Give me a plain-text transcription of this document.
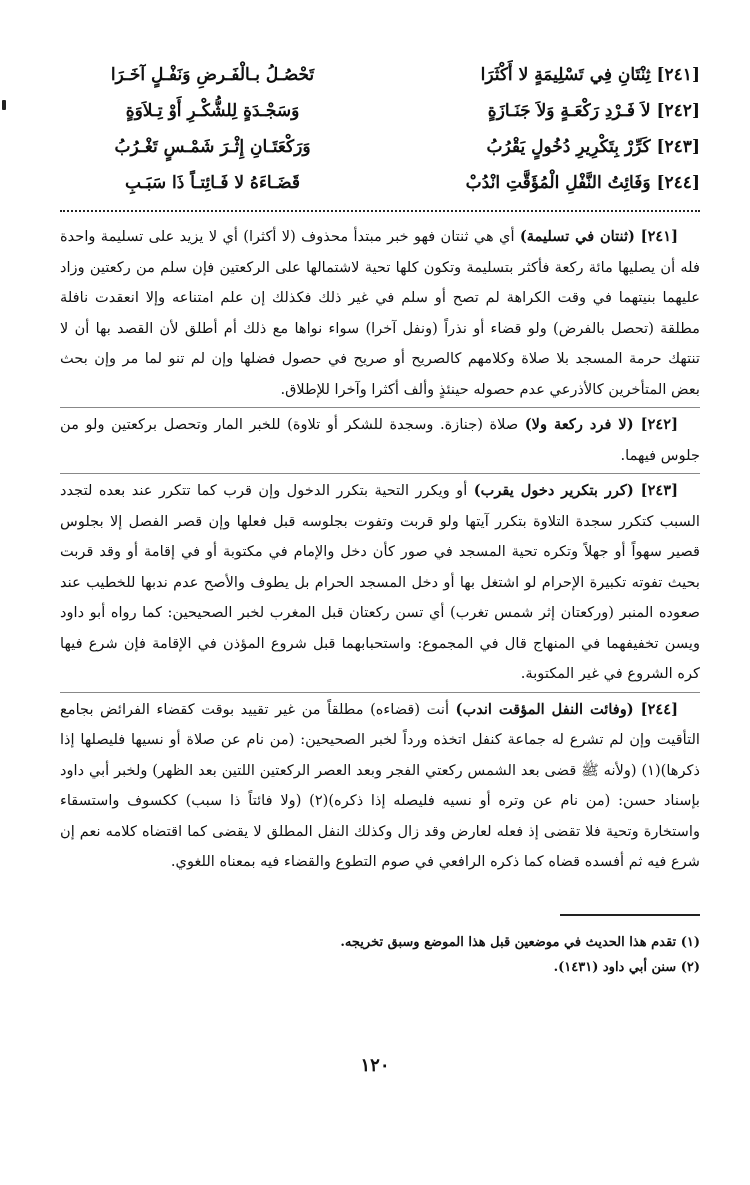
[٢٤١] ثِنْتَانِ فِي تَسْلِيمَةٍ لا أَكْثَرَا
تَحْصُـلُ بـالْفَـرضِ وَنَفْـلٍ آخَـرَا
[٢٤٢] لاَ فَـرْدِ رَكْعَـةٍ وَلاَ جَنَـازَةٍ
وَسَجْـدَةٍ لِلشُّكْـرِ أَوْ تِـلاَوَةٍ
[٢٤٣] كَرِّرْ بِتَكْرِيرِ دُخُولٍ يَقْرُبُ
وَرَكْعَتَـانِ إِثْـرَ شَمْـسٍ تَغْـرُبُ
[٢٤٤] وَفَائِتُ النَّفْلِ الْمُؤَقَّتِ انْدُبْ
قَضَـاءَهُ لا فَـائِتـاً ذَا سَبَـبِ

[٢٤١] (ثنتان في تسليمة) أي هي ثنتان فهو خبر مبتدأ محذوف (لا أكثرا) أي لا يزيد على تسليمة واحدة فله أن يصليها مائة ركعة فأكثر بتسليمة وتكون كلها تحية لاشتمالها على الركعتين فإن سلم من ركعتين وزاد عليهما بنيتهما في وقت الكراهة لم تصح أو سلم في غير ذلك فكذلك إن علم امتناعه وإلا انعقدت نافلة مطلقة (تحصل بالفرض) ولو قضاء أو نذراً (ونفل آخرا) سواء نواها مع ذلك أم أطلق لأن القصد بها أن لا تنتهك حرمة المسجد بلا صلاة وكلامهم كالصريح أو صريح في حصول فضلها وإن لم تنو لما مر وإن بحث بعض المتأخرين كالأذرعي عدم حصوله حينئذٍ وألف أكثرا وآخرا للإطلاق.

[٢٤٢] (لا فرد ركعة ولا) صلاة (جنازة. وسجدة للشكر أو تلاوة) للخبر المار وتحصل بركعتين ولو من جلوس فيهما.

[٢٤٣] (كرر بتكرير دخول يقرب) أو ويكرر التحية بتكرر الدخول وإن قرب كما تتكرر عند بعده لتجدد السبب كتكرر سجدة التلاوة بتكرر آيتها ولو قربت وتفوت بجلوسه قبل فعلها وإن قصر الفصل إلا بجلوس قصير سهواً أو جهلاً وتكره تحية المسجد في صور كأن دخل والإمام في مكتوبة أو في إقامة أو وقد قربت بحيث تفوته تكبيرة الإحرام لو اشتغل بها أو دخل المسجد الحرام بل يطوف والأصح عدم ندبها للخطيب عند صعوده المنبر (وركعتان إثر شمس تغرب) أي تسن ركعتان قبل المغرب لخبر الصحيحين: كما رواه أبو داود ويسن تخفيفهما في المنهاج قال في المجموع: واستحبابهما قبل شروع المؤذن في الإقامة فإن شرع فيها كره الشروع في غير المكتوبة.

[٢٤٤] (وفائت النفل المؤقت اندب) أنت (قضاءه) مطلقاً من غير تقييد بوقت كقضاء الفرائض بجامع التأقيت وإن لم تشرع له جماعة كنفل اتخذه ورداً لخبر الصحيحين: (من نام عن صلاة أو نسيها فليصلها إذا ذكرها)(١) (ولأنه ﷺ قضى بعد الشمس ركعتي الفجر وبعد العصر الركعتين اللتين بعد الظهر) ولخبر أبي داود بإسناد حسن: (من نام عن وتره أو نسيه فليصله إذا ذكره)(٢) (ولا فائتاً ذا سبب) ككسوف واستسقاء واستخارة وتحية فلا تقضى إذ فعله لعارض وقد زال وكذلك النفل المطلق لا يقضى كما اقتضاه كلامه نعم إن شرع فيه ثم أفسده قضاه كما ذكره الرافعي في صوم التطوع والقضاء فيه بمعناه اللغوي.

(١) تقدم هذا الحديث في موضعين قبل هذا الموضع وسبق تخريجه.
(٢) سنن أبي داود (١٤٣١).
١٢٠
